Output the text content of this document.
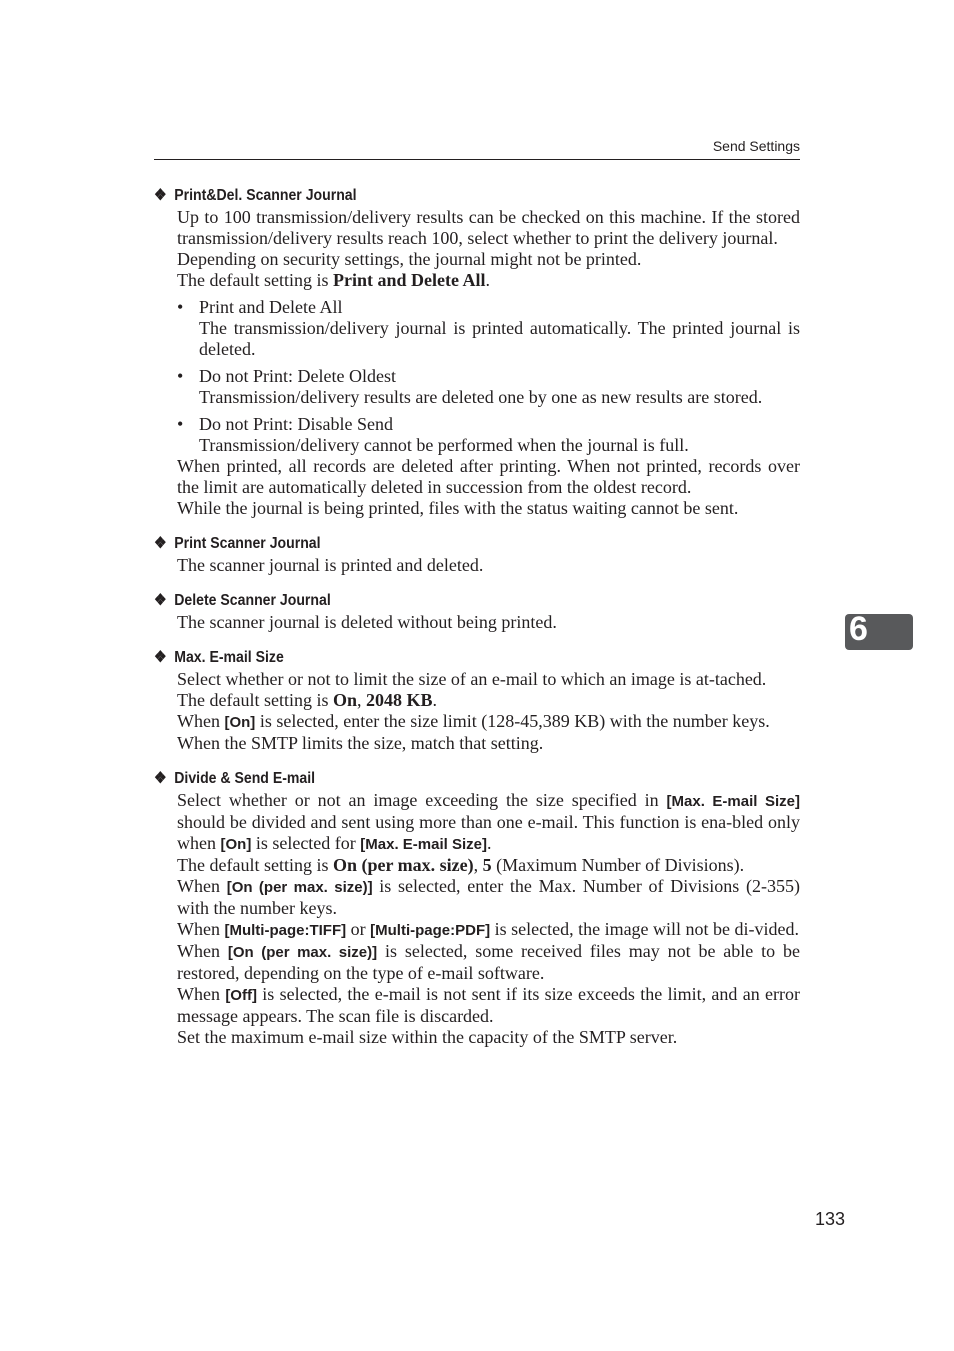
Send Settings
6
❖ Print&Del. Scanner Journal

Up to 100 transmission/delivery results can be checked on this machine. If the stored transmission/delivery results reach 100, select whether to print the delivery journal.

Depending on security settings, the journal might not be printed.

The default setting is Print and Delete All.

• Print and Delete All
The transmission/delivery journal is printed automatically. The printed journal is deleted.
• Do not Print: Delete Oldest
Transmission/delivery results are deleted one by one as new results are stored.
• Do not Print: Disable Send
Transmission/delivery cannot be performed when the journal is full.

When printed, all records are deleted after printing. When not printed, records over the limit are automatically deleted in succession from the oldest record.

While the journal is being printed, files with the status waiting cannot be sent.

❖ Print Scanner Journal

The scanner journal is printed and deleted.

❖ Delete Scanner Journal

The scanner journal is deleted without being printed.

❖ Max. E-mail Size

Select whether or not to limit the size of an e-mail to which an image is at-tached.

The default setting is On, 2048 KB.

When [On] is selected, enter the size limit (128-45,389 KB) with the number keys.

When the SMTP limits the size, match that setting.

❖ Divide & Send E-mail

Select whether or not an image exceeding the size specified in [Max. E-mail Size] should be divided and sent using more than one e-mail. This function is ena-bled only when [On] is selected for [Max. E-mail Size].

The default setting is On (per max. size), 5 (Maximum Number of Divisions).

When [On (per max. size)] is selected, enter the Max. Number of Divisions (2-355) with the number keys.

When [Multi-page:TIFF] or [Multi-page:PDF] is selected, the image will not be di-vided.

When [On (per max. size)] is selected, some received files may not be able to be restored, depending on the type of e-mail software.

When [Off] is selected, the e-mail is not sent if its size exceeds the limit, and an error message appears. The scan file is discarded.

Set the maximum e-mail size within the capacity of the SMTP server.

133
